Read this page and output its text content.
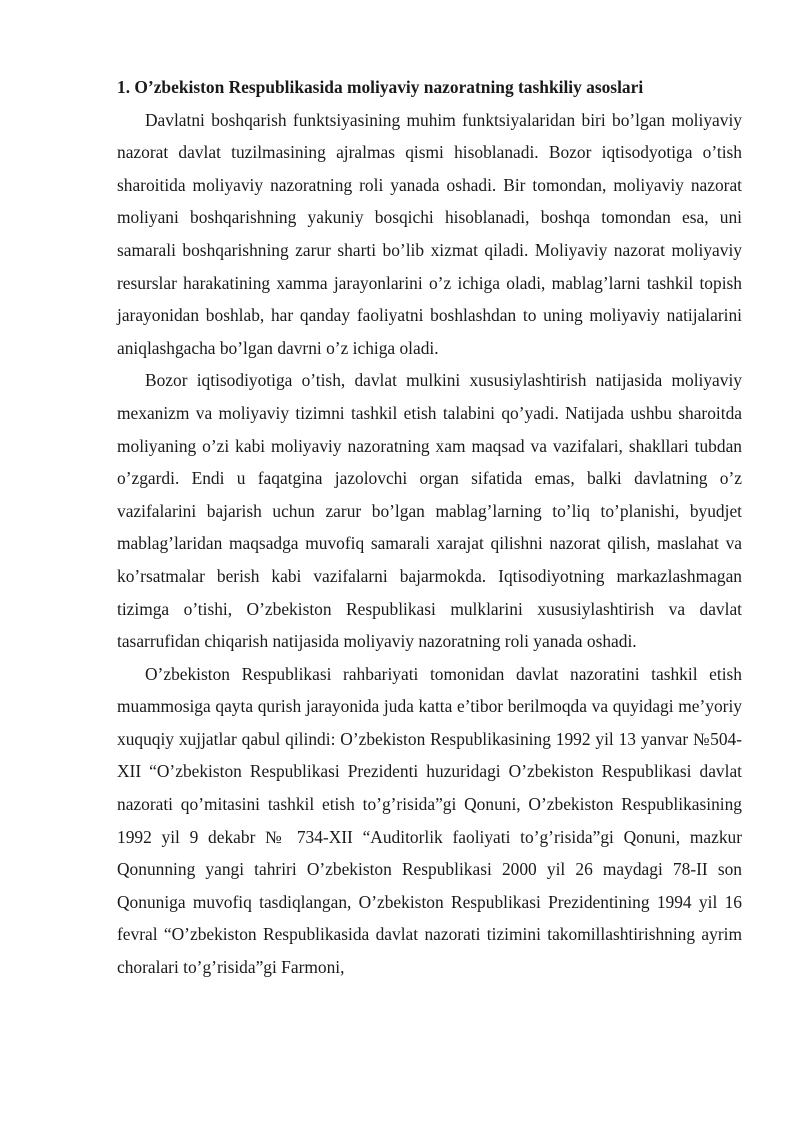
1. O’zbekiston Respublikasida moliyaviy nazoratning tashkiliy asoslari

Davlatni boshqarish funktsiyasining muhim funktsiyalaridan biri bo’lgan moliyaviy nazorat davlat tuzilmasining ajralmas qismi hisoblanadi. Bozor iqtisodyotiga o’tish sharoitida moliyaviy nazoratning roli yanada oshadi. Bir tomondan, moliyaviy nazorat moliyani boshqarishning yakuniy bosqichi hisoblanadi, boshqa tomondan esa, uni samarali boshqarishning zarur sharti bo’lib xizmat qiladi. Moliyaviy nazorat moliyaviy resurslar harakatining xamma jarayonlarini o’z ichiga oladi, mablag’larni tashkil topish jarayonidan boshlab, har qanday faoliyatni boshlashdan to uning moliyaviy natijalarini aniqlashgacha bo’lgan davrni o’z ichiga oladi.

Bozor iqtisodiyotiga o’tish, davlat mulkini xususiylashtirish natijasida moliyaviy mexanizm va moliyaviy tizimni tashkil etish talabini qo’yadi. Natijada ushbu sharoitda moliyaning o’zi kabi moliyaviy nazoratning xam maqsad va vazifalari, shakllari tubdan o’zgardi. Endi u faqatgina jazolovchi organ sifatida emas, balki davlatning o’z vazifalarini bajarish uchun zarur bo’lgan mablag’larning to’liq to’planishi, byudjet mablag’laridan maqsadga muvofiq samarali xarajat qilishni nazorat qilish, maslahat va ko’rsatmalar berish kabi vazifalarni bajarmokda. Iqtisodiyotning markazlashmagan tizimga o’tishi, O’zbekiston Respublikasi mulklarini xususiylashtirish va davlat tasarrufidan chiqarish natijasida moliyaviy nazoratning roli yanada oshadi.

O’zbekiston Respublikasi rahbariyati tomonidan davlat nazoratini tashkil etish muammosiga qayta qurish jarayonida juda katta e’tibor berilmoqda va quyidagi me’yoriy xuquqiy xujjatlar qabul qilindi: O’zbekiston Respublikasining 1992 yil 13 yanvar №504-XII “O’zbekiston Respublikasi Prezidenti huzuridagi O’zbekiston Respublikasi davlat nazorati qo’mitasini tashkil etish to’g’risida”gi Qonuni, O’zbekiston Respublikasining 1992 yil 9 dekabr № 734-XII “Auditorlik faoliyati to’g’risida”gi Qonuni, mazkur Qonunning yangi tahriri O’zbekiston Respublikasi 2000 yil 26 maydagi 78-II son Qonuniga muvofiq tasdiqlangan, O’zbekiston Respublikasi Prezidentining 1994 yil 16 fevral “O’zbekiston Respublikasida davlat nazorati tizimini takomillashtirishning ayrim choralari to’g’risida”gi Farmoni,
